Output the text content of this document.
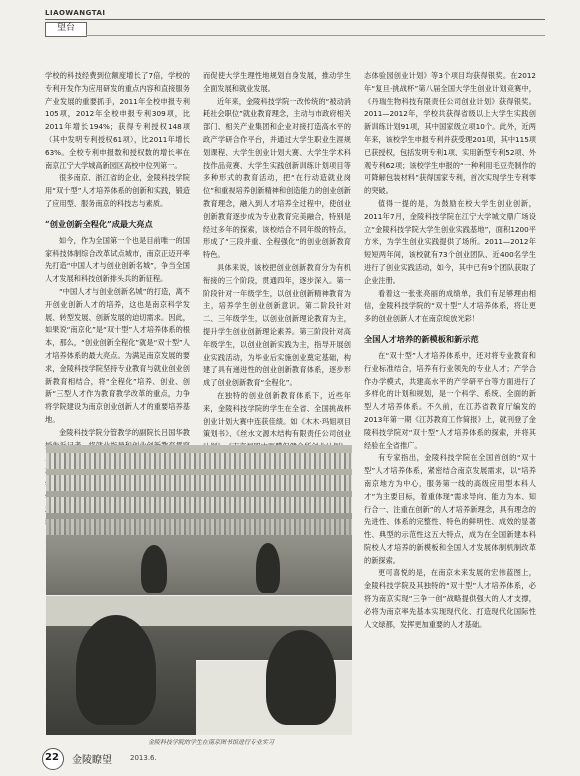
LIAOWANGTAI
望台

学校的科技经费到位额度增长了7倍，学校的专利开发作为应用研发的重点内容和直接服务产业发展的重要抓手，2011年全校申报专利105项，2012年全校申报专利309项，比2011年增长194%；获得专利授权148项（其中发明专利授权61项），比2011年增长63%。全校专利申报数和授权数的增长率在南京江宁大学城高新园区高校中位列第一。

很多南京、浙江省的企业，金陵科技学院用“双十型”人才培养体系的创新和实践，锻造了应用型、服务南京的科技志与素质。

“创业创新全程化”成最大亮点

如今，作为全国第一个也是目前唯一的国家科技体制综合改革试点城市，南京正迈开率先打造“中国人才与创业创新名城”，争当全国人才发展和科技创新排头兵的新征程。

“中国人才与创业创新名城”的打造，离不开创业创新人才的培养，这也是南京科学发展、转型发展、创新发展的迫切需求。因此，如果说“南京化”是“双十型”人才培养体系的根本，那么，“创业创新全程化”就是“双十型”人才培养体系的最大亮点。为满足南京发展的要求，金陵科技学院坚持专业教育与就业创业创新教育相结合，将“全程化”培养、创业、创新“三型人才作为教育教学改革的重点，力争将学院建设为南京创业创新人才的重要培养基地。

金陵科技学院分管教学的副院长吕国华教

而促使大学生理性地规划自身发展，推动学生全面发展和就业发展。

近年来，金陵科技学院一改传统的“被动消耗社会职位”就业教育理念，主动与市政府相关部门、相关产业集团和企业对接打造高水平的政产学研合作平台，并通过大学生职业生涯规划课程、大学生创业计划大赛、大学生学术科技作品竞赛、大学生实践创新训练计划项目等多种形式的教育活动，把“在行动造就业岗位”和重视培养创新精神和创造能力的创业创新教育理念，融入到人才培养全过程中，使创业创新教育逐步成为专业教育完美融合，特别是经过多年的探索，该校结合不同年级的特点，形成了“三段并重、全程强化”的创业创新教育特色。

具体来说，该校把创业创新教育分为有机衔接的三个阶段，贯通四年，逐步深入。第一阶段针对一年级学生，以创业创新精神教育为主，培养学生创业创新意识。第二阶段针对二、三年级学生，以创业创新理论教育为主，提升学生创业创新理论素养。第三阶段针对高年级学生，以创业创新实践为主，指导开展创业实践活动，为毕业后实施创业奠定基础，构建了具有递进性的创业创新教育体系，逐步形成了创业创新教育“全程化”。

在独特的创业创新教育体系下，近些年来，金陵科技学院的学生在全省、全国挑战杯创业计划大赛中连获佳绩。如《木木·玛姐项目策划书》、《丝水文源木结构有限责任公司创业

态体验园创业计划》等3个项目均获得银奖。在2012年“复旦·挑战杯”第八届全国大学生创业计划竞赛中，《丹瑞生物科技有限责任公司创业计划》获得银奖。2011—2012年，学校共获得省级以上大学生实践创新训练计划91项，其中国家级立项10个。此外，近两年来，该校学生申报专利并获受理201项，其中115项已获授权，包括发明专利1项、实用新型专利52项、外观专利62项；该校学生申报的“一种利用毛豆壳制作的可降解包装材料”获得国家专利，首次实现学生专利零的突破。

值得一提的是，为鼓励在校大学生创业创新，2011年7月，金陵科技学院在江宁大学城文鼎广场设立“金陵科技学院大学生创业实践基地”，面积1200平方米，为学生创业实践提供了场所。2011—2012年短短两年间，该校就有73个创业团队、近400名学生进行了创业实践活动，如今，其中已有9个团队获取了企业注册。

看着这一张张亮丽的成绩单，我们有足够理由相信，金陵科技学院的“双十型”人才培养体系，将让更多的创业创新人才在南京绽放光彩！

全国人才培养的新模板和新示范

在“双十型”人才培养体系中，还对将专业教育和行业标准结合，培养有行业领先的专业人才；产学合作办学模式，共建高水平的产学研平台等方面进行了多样化的计划和规划，是一个科学、系统、全面的新型人才培养体系。不久前，在江苏省教育厅编发的2013年第一期《江苏教育工作简报》上，就刊登了金陵科技学院对“双十型”人才培养体系的探索，并将其经验在全省推广。

有专家指出，金陵科技学院在全国首创的“双十型”人才培养体系，紧密结合南京发展需求，以“培养南京地方为中心，服务第一线的高级应用型本科人才”为主要目标，着重体现“需求导向、能力为本、知行合一、注重在创新”的人才培养新理念，具有理念的先进性、体系的完整性、特色的鲜明性、成效的显著性、典型的示范性这五大特点，成为在全国新建本科院校人才培养的新模板和全国人才发展体制机制改革的新探索。

更可喜悦的是，在南京未来发展的宏伟蓝图上，金陵科技学院及其独特的“双十型”人才培养体系，必将为南京实现“三争一创”战略提供强大的人才支撑，必将为南京率先基本实现现代化、打造现代化国际性人文绿都，发挥更加重要的人才基础。

金陵科技学院的学生在南京图书馆进行专业实习
22 金陵瞭望	2013.6.
